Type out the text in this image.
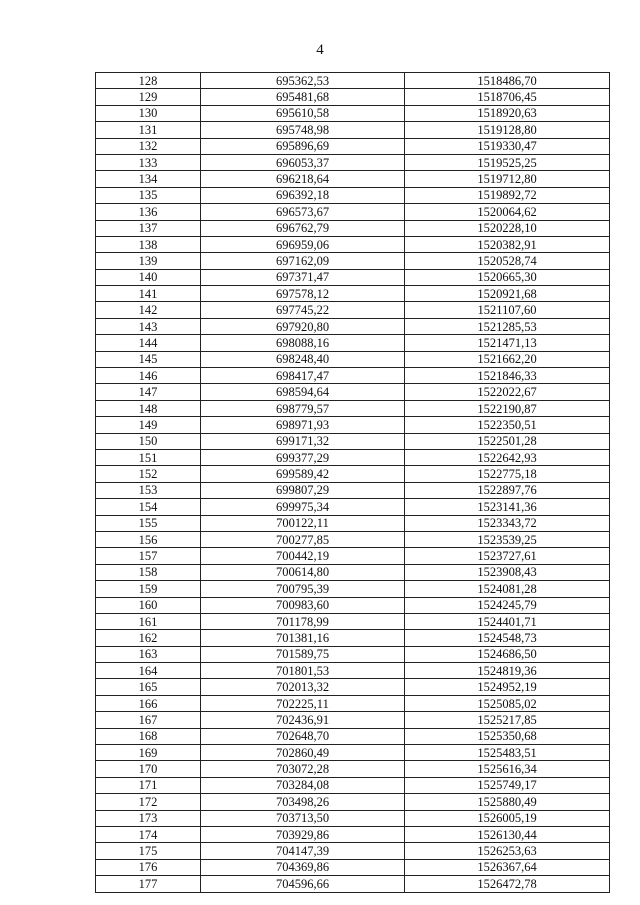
4
128	695362,53	1518486,70
129	695481,68	1518706,45
130	695610,58	1518920,63
131	695748,98	1519128,80
132	695896,69	1519330,47
133	696053,37	1519525,25
134	696218,64	1519712,80
135	696392,18	1519892,72
136	696573,67	1520064,62
137	696762,79	1520228,10
138	696959,06	1520382,91
139	697162,09	1520528,74
140	697371,47	1520665,30
141	697578,12	1520921,68
142	697745,22	1521107,60
143	697920,80	1521285,53
144	698088,16	1521471,13
145	698248,40	1521662,20
146	698417,47	1521846,33
147	698594,64	1522022,67
148	698779,57	1522190,87
149	698971,93	1522350,51
150	699171,32	1522501,28
151	699377,29	1522642,93
152	699589,42	1522775,18
153	699807,29	1522897,76
154	699975,34	1523141,36
155	700122,11	1523343,72
156	700277,85	1523539,25
157	700442,19	1523727,61
158	700614,80	1523908,43
159	700795,39	1524081,28
160	700983,60	1524245,79
161	701178,99	1524401,71
162	701381,16	1524548,73
163	701589,75	1524686,50
164	701801,53	1524819,36
165	702013,32	1524952,19
166	702225,11	1525085,02
167	702436,91	1525217,85
168	702648,70	1525350,68
169	702860,49	1525483,51
170	703072,28	1525616,34
171	703284,08	1525749,17
172	703498,26	1525880,49
173	703713,50	1526005,19
174	703929,86	1526130,44
175	704147,39	1526253,63
176	704369,86	1526367,64
177	704596,66	1526472,78
